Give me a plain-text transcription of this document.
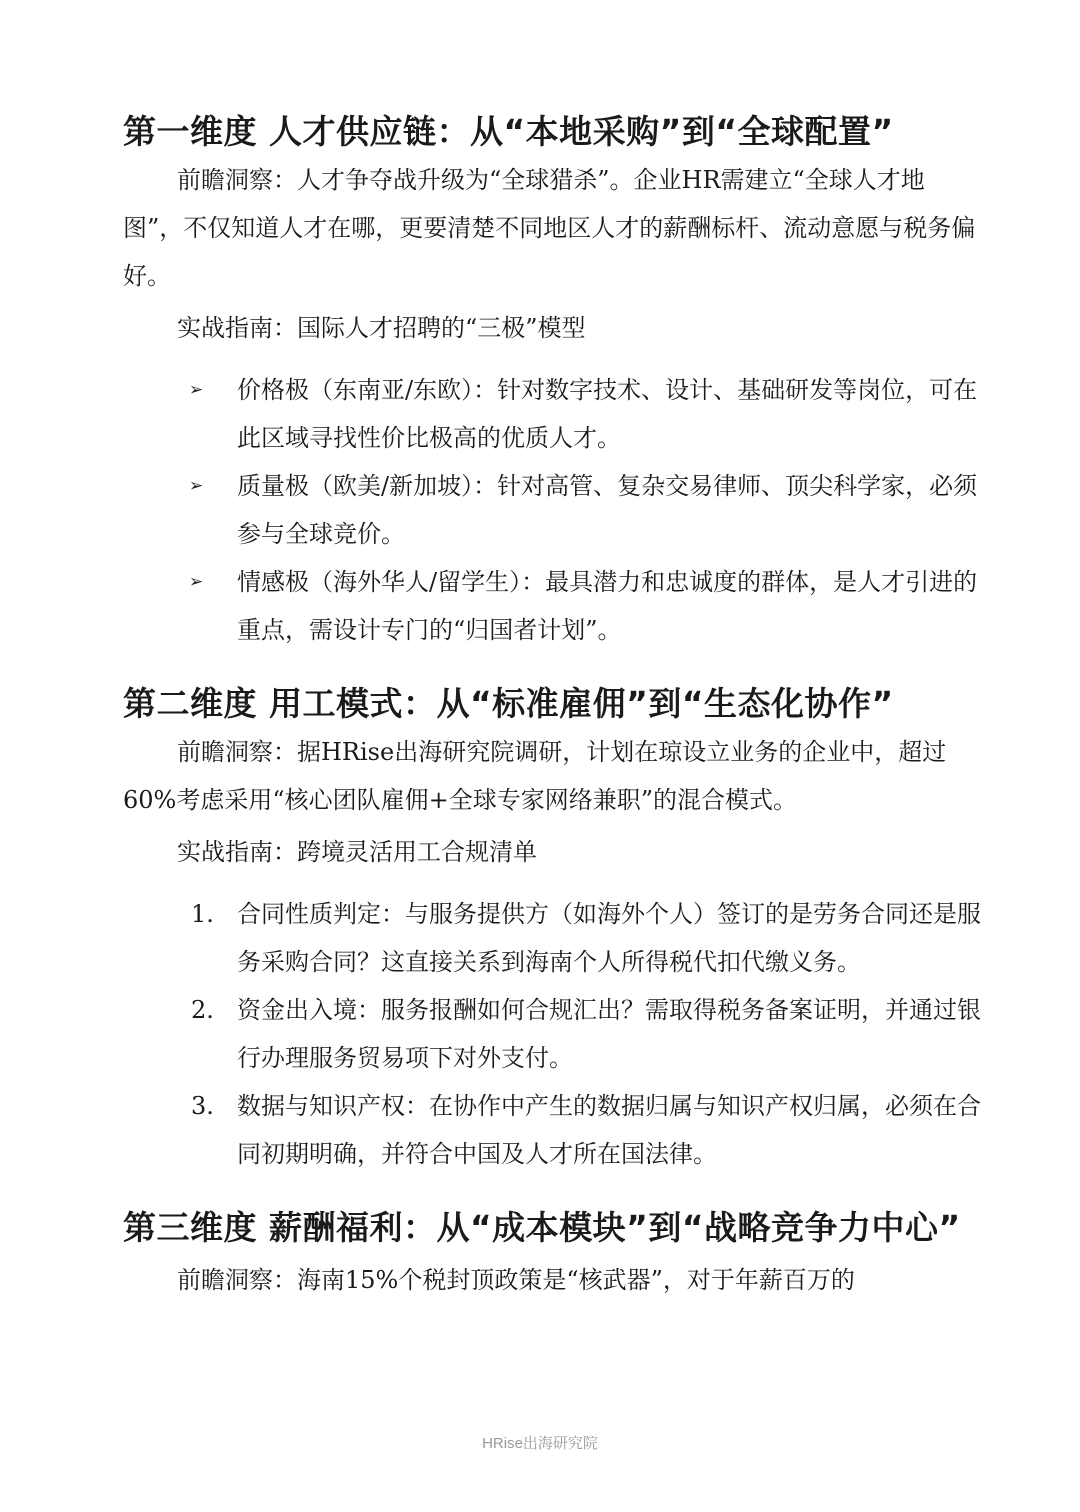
第一维度 人才供应链：从“本地采购”到“全球配置”

前瞻洞察：人才争夺战升级为“全球猎杀”。企业HR需建立“全球人才地图”，不仅知道人才在哪，更要清楚不同地区人才的薪酬标杆、流动意愿与税务偏好。

实战指南：国际人才招聘的“三极”模型

➢ 价格极（东南亚/东欧）：针对数字技术、设计、基础研发等岗位，可在此区域寻找性价比极高的优质人才。
➢ 质量极（欧美/新加坡）：针对高管、复杂交易律师、顶尖科学家，必须参与全球竞价。
➢ 情感极（海外华人/留学生）：最具潜力和忠诚度的群体，是人才引进的重点，需设计专门的“归国者计划”。
第二维度 用工模式：从“标准雇佣”到“生态化协作”

前瞻洞察：据HRise出海研究院调研，计划在琼设立业务的企业中，超过60%考虑采用“核心团队雇佣+全球专家网络兼职”的混合模式。

实战指南：跨境灵活用工合规清单

1. 合同性质判定：与服务提供方（如海外个人）签订的是劳务合同还是服务采购合同？这直接关系到海南个人所得税代扣代缴义务。
2. 资金出入境：服务报酬如何合规汇出？需取得税务备案证明，并通过银行办理服务贸易项下对外支付。
3. 数据与知识产权：在协作中产生的数据归属与知识产权归属，必须在合同初期明确，并符合中国及人才所在国法律。
第三维度 薪酬福利：从“成本模块”到“战略竞争力中心”

前瞻洞察：海南15%个税封顶政策是“核武器”，对于年薪百万的

HRise出海研究院
